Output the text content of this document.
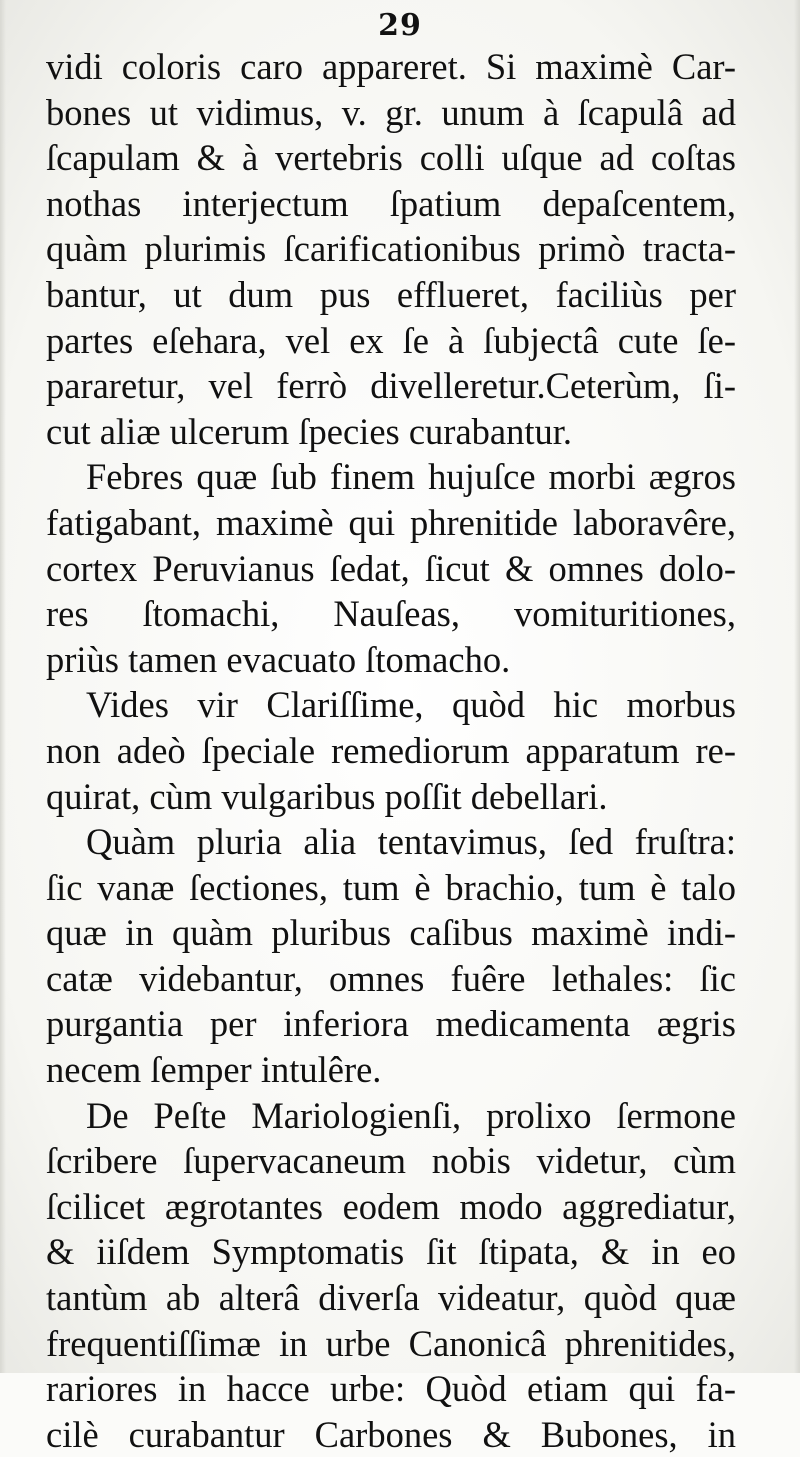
29
vidi coloris caro appareret. Si maximè Car-
bones ut vidimus, v. gr. unum à ſcapulâ ad
ſcapulam & à vertebris colli uſque ad coſtas
nothas interjectum ſpatium depaſcentem,
quàm plurimis ſcarificationibus primò tracta-
bantur, ut dum pus efflueret, faciliùs per
partes eſehara, vel ex ſe à ſubjectâ cute ſe-
pararetur, vel ferrò divelleretur.Ceterùm, ſi-
cut aliæ ulcerum ſpecies curabantur.
Febres quæ ſub finem hujuſce morbi ægros
fatigabant, maximè qui phrenitide laboravêre,
cortex Peruvianus ſedat, ſicut & omnes dolo-
res ſtomachi, Nauſeas, vomituritiones,
priùs tamen evacuato ſtomacho.
Vides vir Clariſſime, quòd hic morbus
non adeò ſpeciale remediorum apparatum re-
quirat, cùm vulgaribus poſſit debellari.
Quàm pluria alia tentavimus, ſed fruſtra:
ſic vanæ ſectiones, tum è brachio, tum è talo
quæ in quàm pluribus caſibus maximè indi-
catæ videbantur, omnes fuêre lethales: ſic
purgantia per inferiora medicamenta ægris
necem ſemper intulêre.
De Peſte Mariologienſi, prolixo ſermone
ſcribere ſupervacaneum nobis videtur, cùm
ſcilicet ægrotantes eodem modo aggrediatur,
& iiſdem Symptomatis ſit ſtipata, & in eo
tantùm ab alterâ diverſa videatur, quòd quæ
frequentiſſimæ in urbe Canonicâ phrenitides,
rariores in hacce urbe: Quòd etiam qui fa-
cilè curabantur Carbones & Bubones, in
